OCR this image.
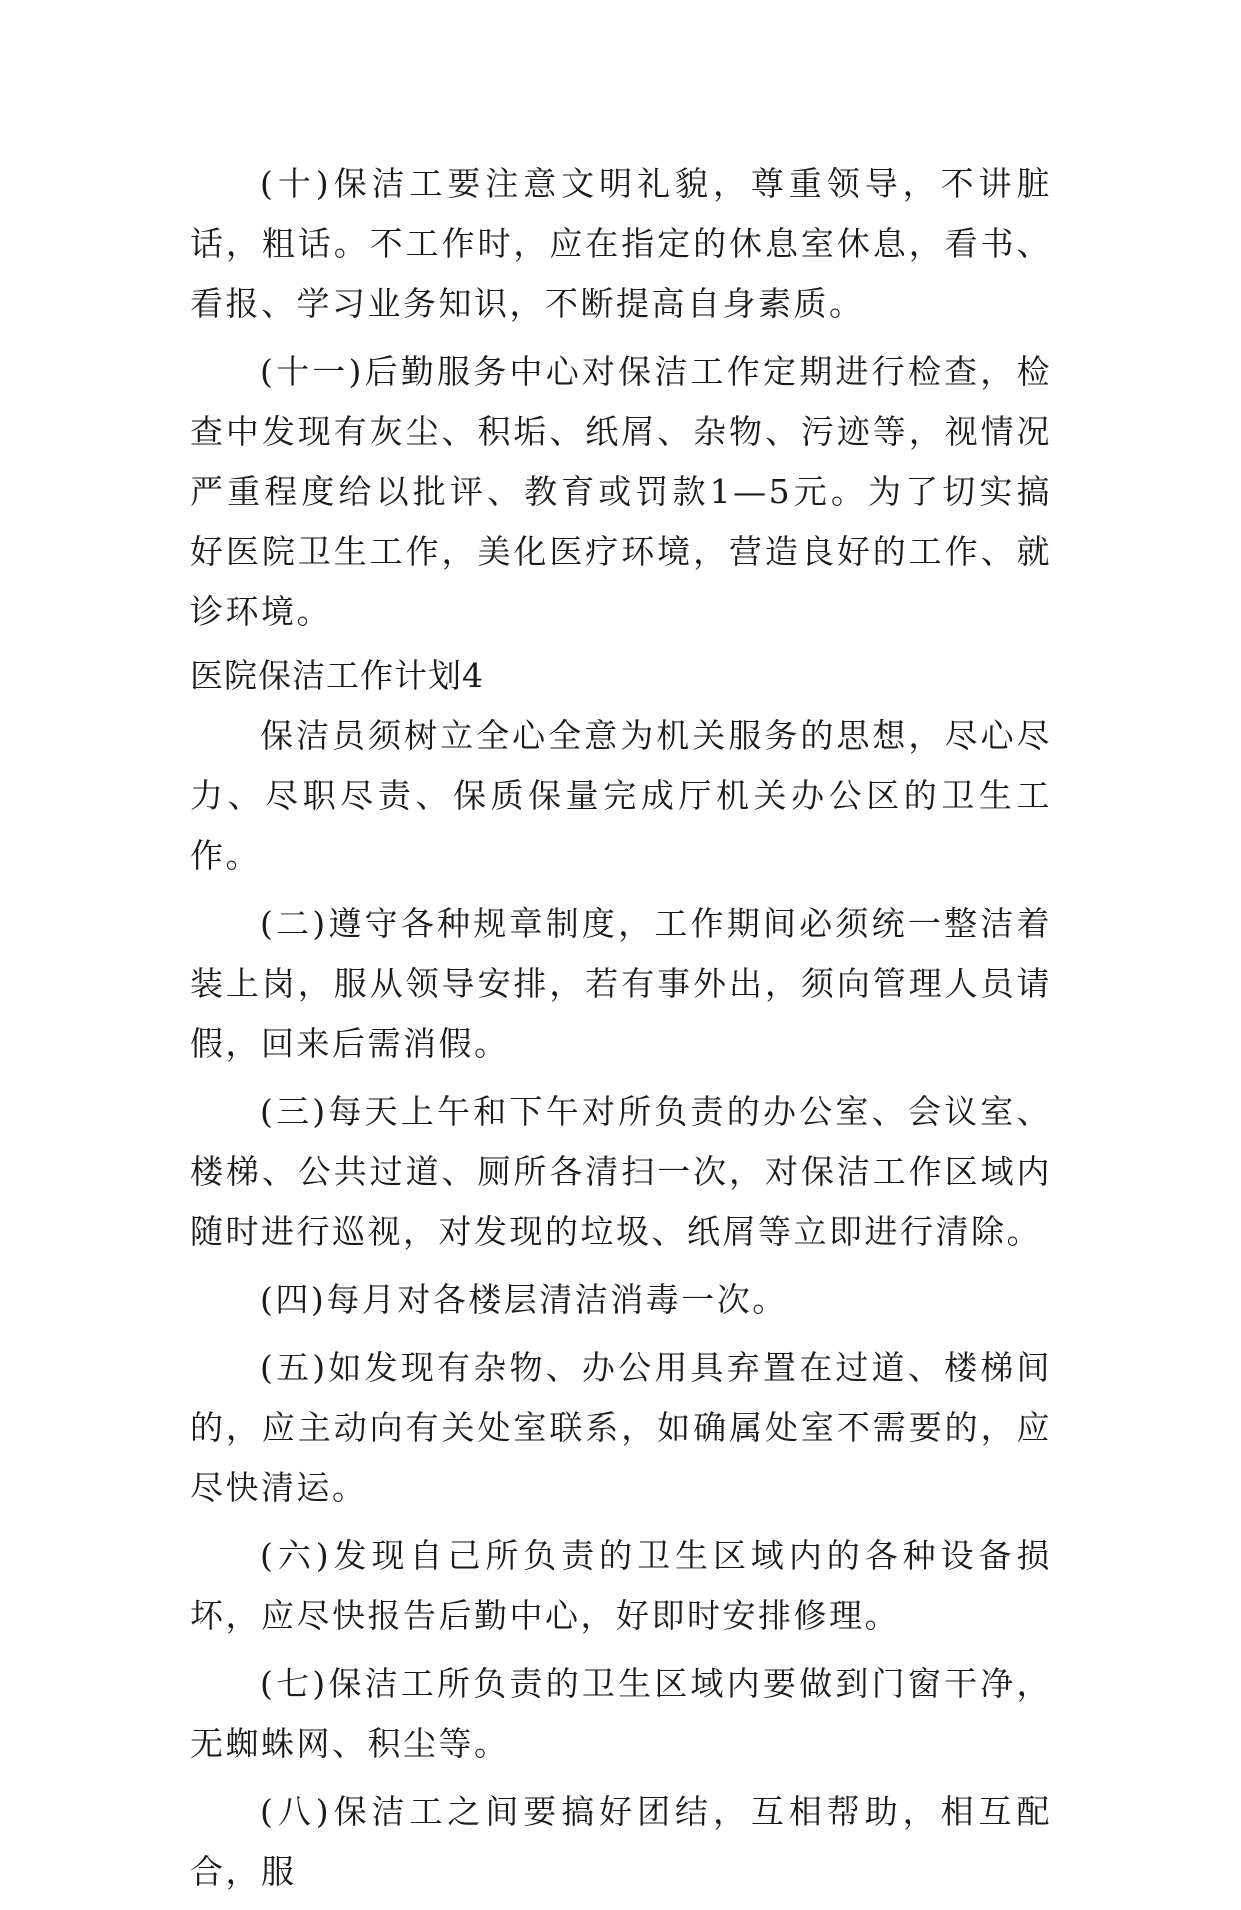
(十)保洁工要注意文明礼貌，尊重领导，不讲脏话，粗话。不工作时，应在指定的休息室休息，看书、看报、学习业务知识，不断提高自身素质。

(十一)后勤服务中心对保洁工作定期进行检查，检查中发现有灰尘、积垢、纸屑、杂物、污迹等，视情况严重程度给以批评、教育或罚款1—5元。为了切实搞好医院卫生工作，美化医疗环境，营造良好的工作、就诊环境。

医院保洁工作计划4

保洁员须树立全心全意为机关服务的思想，尽心尽力、尽职尽责、保质保量完成厅机关办公区的卫生工作。

(二)遵守各种规章制度，工作期间必须统一整洁着装上岗，服从领导安排，若有事外出，须向管理人员请假，回来后需消假。

(三)每天上午和下午对所负责的办公室、会议室、楼梯、公共过道、厕所各清扫一次，对保洁工作区域内随时进行巡视，对发现的垃圾、纸屑等立即进行清除。

(四)每月对各楼层清洁消毒一次。

(五)如发现有杂物、办公用具弃置在过道、楼梯间的，应主动向有关处室联系，如确属处室不需要的，应尽快清运。

(六)发现自己所负责的卫生区域内的各种设备损坏，应尽快报告后勤中心，好即时安排修理。

(七)保洁工所负责的卫生区域内要做到门窗干净，无蜘蛛网、积尘等。

(八)保洁工之间要搞好团结，互相帮助，相互配合，服
